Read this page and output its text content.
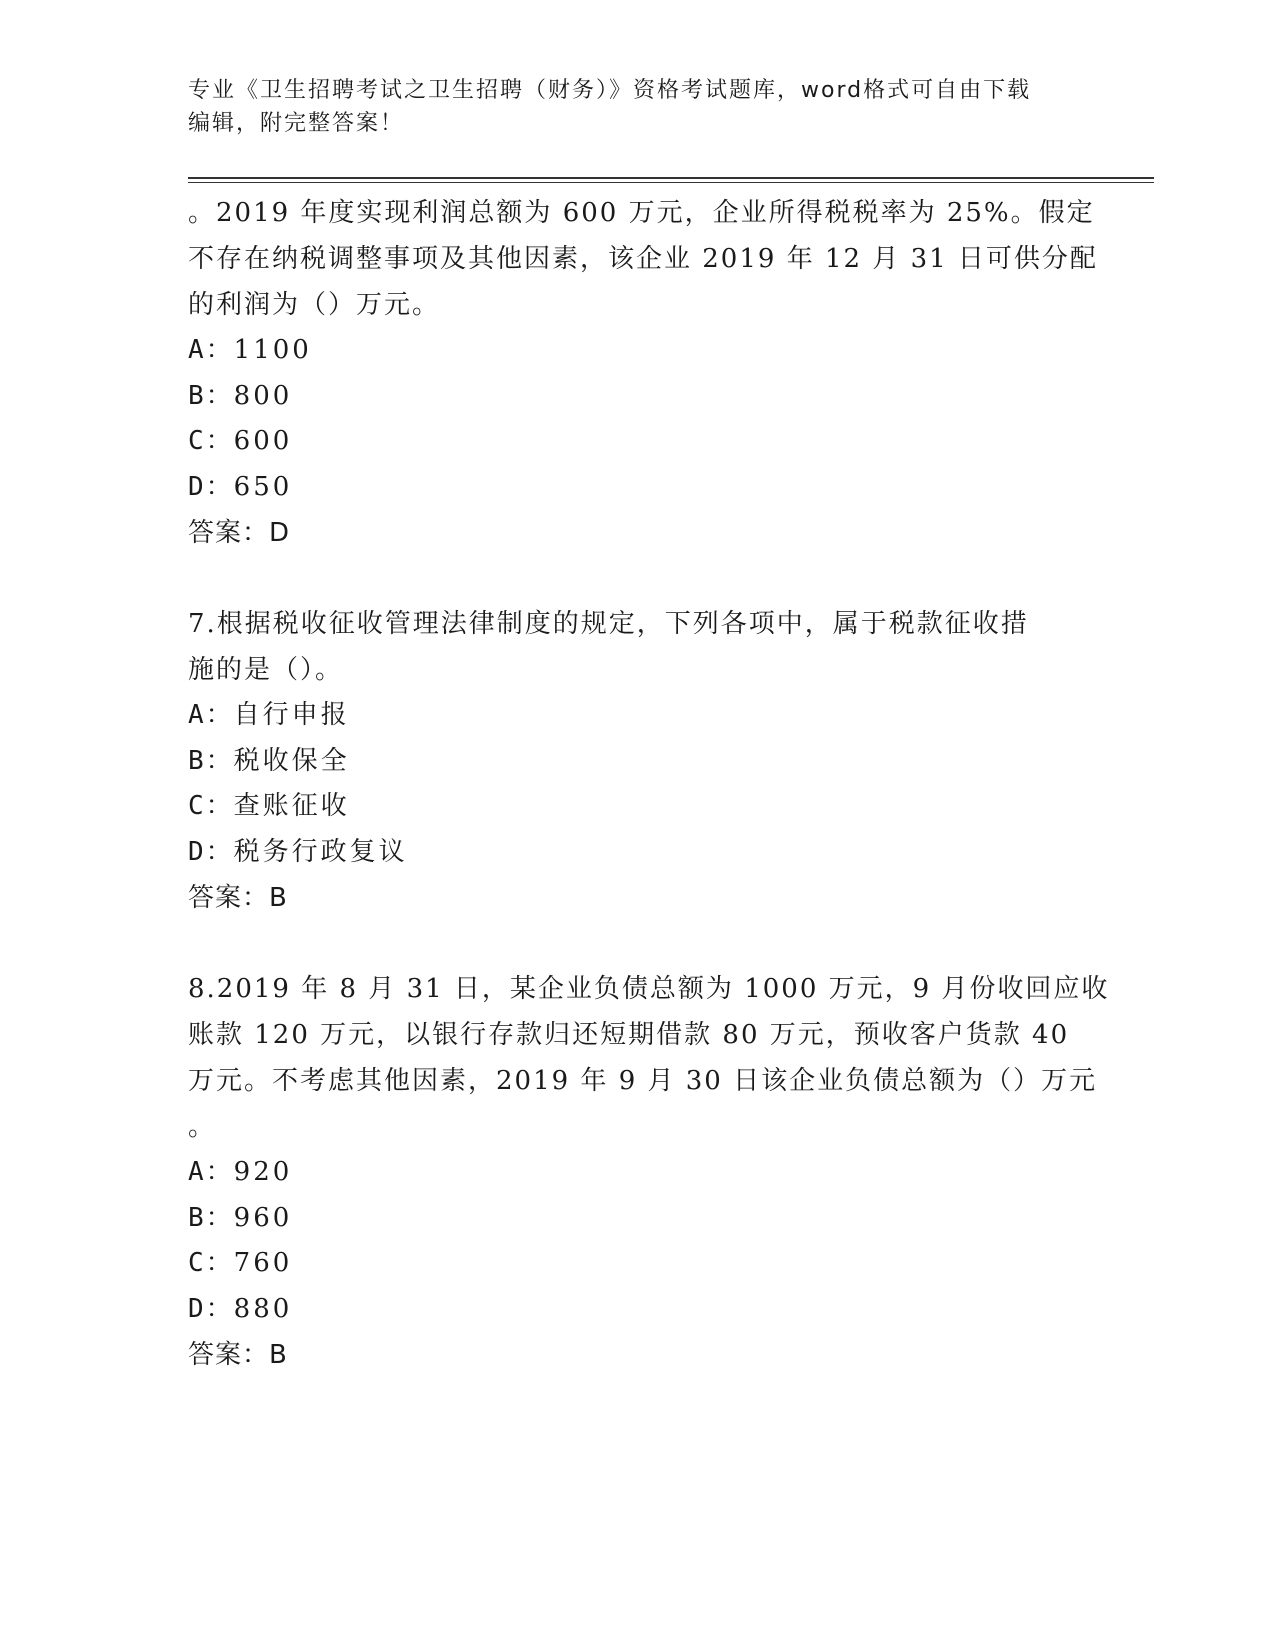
专业《卫生招聘考试之卫生招聘（财务）》资格考试题库，word格式可自由下载
编辑，附完整答案！

。2019 年度实现利润总额为 600 万元，企业所得税税率为 25%。假定
不存在纳税调整事项及其他因素，该企业 2019 年 12 月 31 日可供分配
的利润为（）万元。

A：1100

B：800

C：600

D：650

答案：D

7.根据税收征收管理法律制度的规定，下列各项中，属于税款征收措
施的是（）。

A：自行申报

B：税收保全

C：查账征收

D：税务行政复议

答案：B

8.2019 年 8 月 31 日，某企业负债总额为 1000 万元，9 月份收回应收
账款 120 万元，以银行存款归还短期借款 80 万元，预收客户货款 40
万元。不考虑其他因素，2019 年 9 月 30 日该企业负债总额为（）万元
。

A：920

B：960

C：760

D：880

答案：B
